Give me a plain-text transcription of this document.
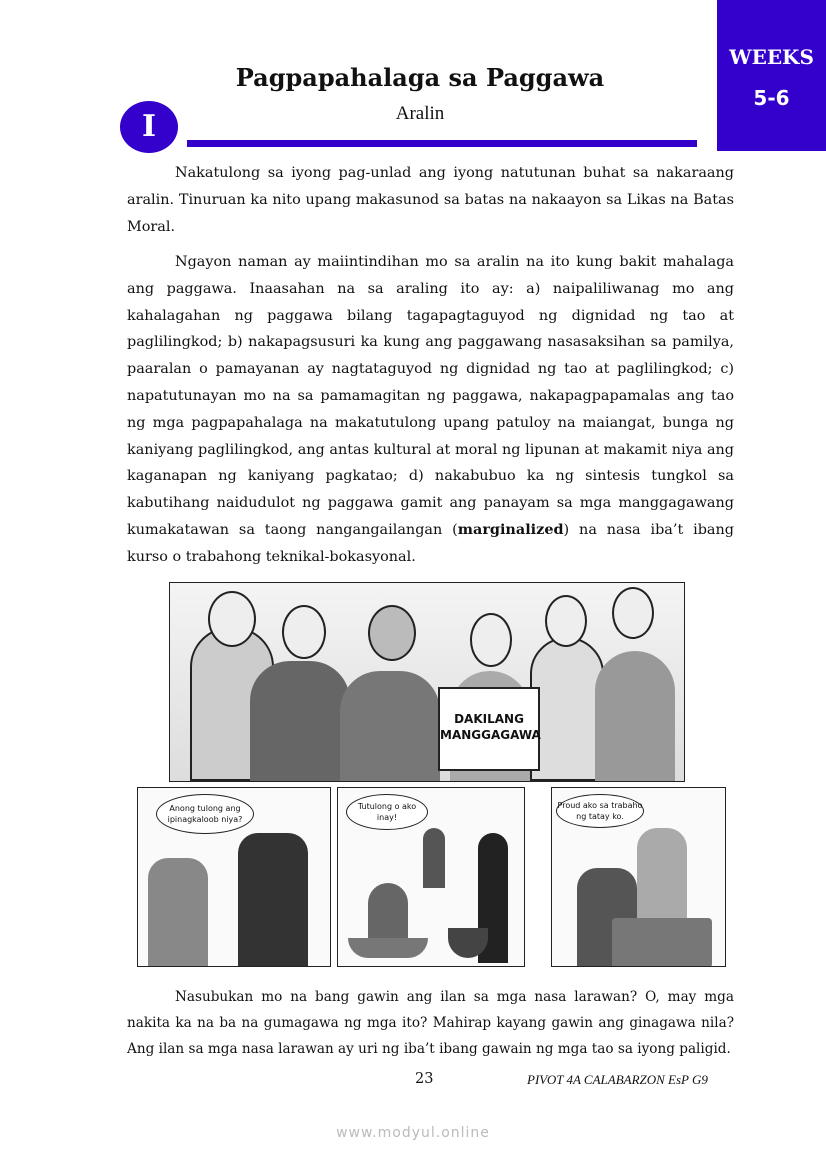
WEEKS
5-6
Pagpapahalaga sa Paggawa
Aralin
I

Nakatulong sa iyong pag-unlad ang iyong natutunan buhat sa nakaraang aralin. Tinuruan ka nito upang makasunod sa batas na nakaayon sa Likas na Batas Moral.

Ngayon naman ay maiintindihan mo sa aralin na ito kung bakit mahalaga ang paggawa. Inaasahan na sa araling ito ay: a) naipaliliwanag mo ang kahalagahan ng paggawa bilang tagapagtaguyod ng dignidad ng tao at paglilingkod; b) nakapagsusuri ka kung ang paggawang nasasaksihan sa pamilya, paaralan o pamayanan ay nagtataguyod ng dignidad ng tao at paglilingkod; c) napatutunayan mo na sa pamamagitan ng paggawa, nakapagpapamalas ang tao ng mga pagpapahalaga na makatutulong upang patuloy na maiangat, bunga ng kaniyang paglilingkod, ang antas kultural at moral ng lipunan at makamit niya ang kaganapan ng kaniyang pagkatao; d) nakabubuo ka ng sintesis tungkol sa kabutihang naidudulot ng paggawa gamit ang panayam sa mga manggagawang kumakatawan sa taong nangangailangan (marginalized) na nasa iba’t ibang kurso o trabahong teknikal-bokasyonal.

DAKILANG
MANGGAGAWA
Anong tulong ang ipinagkaloob niya?
Tutulong o ako inay!
Proud ako sa trabaho ng tatay ko.

Nasubukan mo na bang gawin ang ilan sa mga nasa larawan? O, may mga nakita ka na ba na gumagawa ng mga ito? Mahirap kayang gawin ang ginagawa nila? Ang ilan sa mga nasa larawan ay uri ng iba’t ibang gawain ng mga tao sa iyong paligid.

23	PIVOT 4A CALABARZON EsP G9
www.modyul.online
